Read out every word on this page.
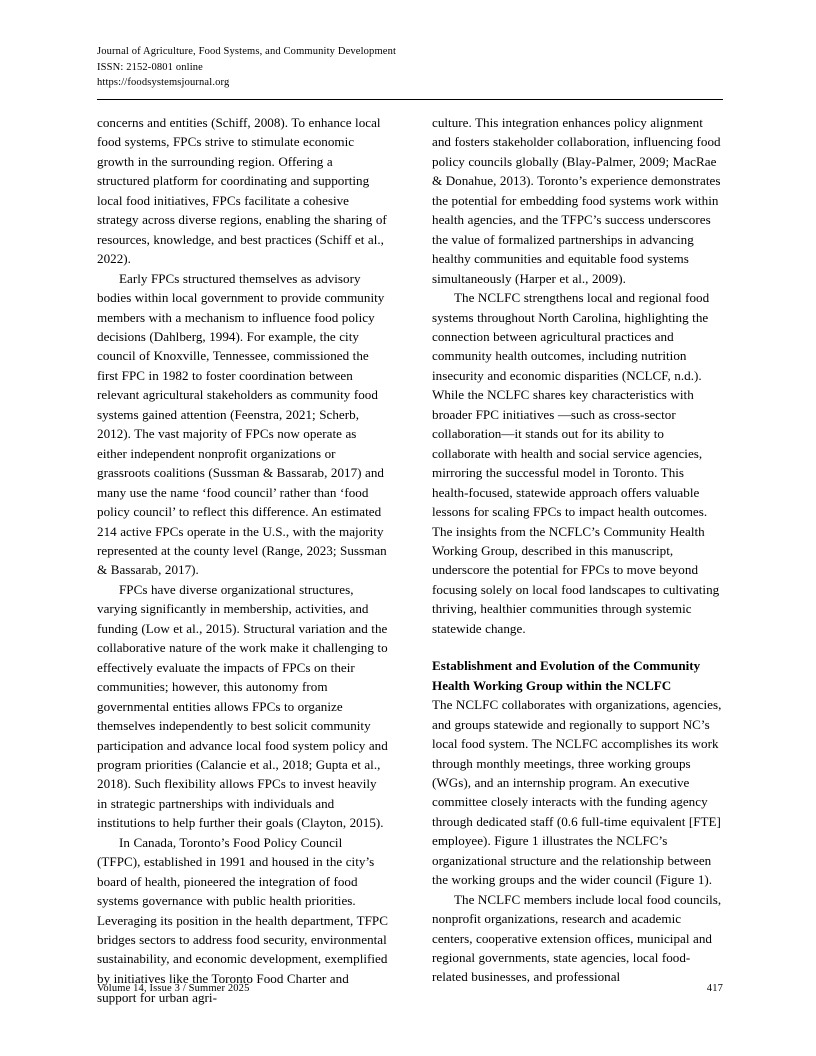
Journal of Agriculture, Food Systems, and Community Development
ISSN: 2152-0801 online
https://foodsystemsjournal.org

concerns and entities (Schiff, 2008). To enhance local food systems, FPCs strive to stimulate economic growth in the surrounding region. Offering a structured platform for coordinating and supporting local food initiatives, FPCs facilitate a cohesive strategy across diverse regions, enabling the sharing of resources, knowledge, and best practices (Schiff et al., 2022).

Early FPCs structured themselves as advisory bodies within local government to provide community members with a mechanism to influence food policy decisions (Dahlberg, 1994). For example, the city council of Knoxville, Tennessee, commissioned the first FPC in 1982 to foster coordination between relevant agricultural stakeholders as community food systems gained attention (Feenstra, 2021; Scherb, 2012). The vast majority of FPCs now operate as either independent nonprofit organizations or grassroots coalitions (Sussman & Bassarab, 2017) and many use the name ‘food council’ rather than ‘food policy council’ to reflect this difference. An estimated 214 active FPCs operate in the U.S., with the majority represented at the county level (Range, 2023; Sussman & Bassarab, 2017).

FPCs have diverse organizational structures, varying significantly in membership, activities, and funding (Low et al., 2015). Structural variation and the collaborative nature of the work make it challenging to effectively evaluate the impacts of FPCs on their communities; however, this autonomy from governmental entities allows FPCs to organize themselves independently to best solicit community participation and advance local food system policy and program priorities (Calancie et al., 2018; Gupta et al., 2018). Such flexibility allows FPCs to invest heavily in strategic partnerships with individuals and institutions to help further their goals (Clayton, 2015).

In Canada, Toronto’s Food Policy Council (TFPC), established in 1991 and housed in the city’s board of health, pioneered the integration of food systems governance with public health priorities. Leveraging its position in the health department, TFPC bridges sectors to address food security, environmental sustainability, and economic development, exemplified by initiatives like the Toronto Food Charter and support for urban agri-

culture. This integration enhances policy alignment and fosters stakeholder collaboration, influencing food policy councils globally (Blay-Palmer, 2009; MacRae & Donahue, 2013). Toronto’s experience demonstrates the potential for embedding food systems work within health agencies, and the TFPC’s success underscores the value of formalized partnerships in advancing healthy communities and equitable food systems simultaneously (Harper et al., 2009).

The NCLFC strengthens local and regional food systems throughout North Carolina, highlighting the connection between agricultural practices and community health outcomes, including nutrition insecurity and economic disparities (NCLCF, n.d.). While the NCLFC shares key characteristics with broader FPC initiatives —such as cross-sector collaboration—it stands out for its ability to collaborate with health and social service agencies, mirroring the successful model in Toronto. This health-focused, statewide approach offers valuable lessons for scaling FPCs to impact health outcomes. The insights from the NCFLC’s Community Health Working Group, described in this manuscript, underscore the potential for FPCs to move beyond focusing solely on local food landscapes to cultivating thriving, healthier communities through systemic statewide change.

Establishment and Evolution of the Community Health Working Group within the NCLFC

The NCLFC collaborates with organizations, agencies, and groups statewide and regionally to support NC’s local food system. The NCLFC accomplishes its work through monthly meetings, three working groups (WGs), and an internship program. An executive committee closely interacts with the funding agency through dedicated staff (0.6 full-time equivalent [FTE] employee). Figure 1 illustrates the NCLFC’s organizational structure and the relationship between the working groups and the wider council (Figure 1).

The NCLFC members include local food councils, nonprofit organizations, research and academic centers, cooperative extension offices, municipal and regional governments, state agencies, local food-related businesses, and professional

Volume 14, Issue 3 / Summer 2025	417
